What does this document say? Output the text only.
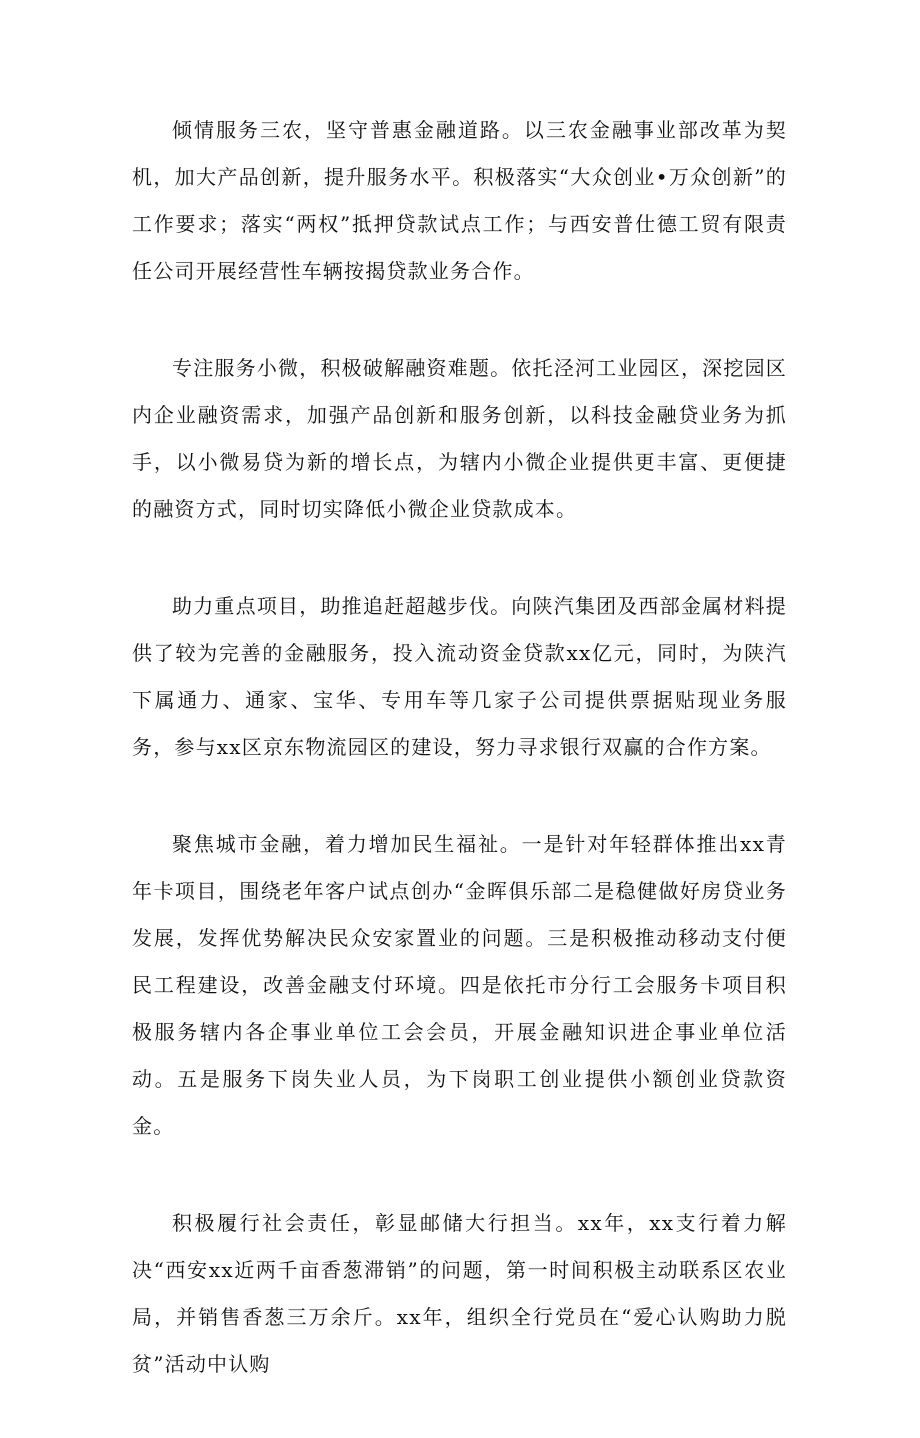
倾情服务三农，坚守普惠金融道路。以三农金融事业部改革为契机，加大产品创新，提升服务水平。积极落实“大众创业•万众创新”的工作要求；落实“两权”抵押贷款试点工作；与西安普仕德工贸有限责任公司开展经营性车辆按揭贷款业务合作。

专注服务小微，积极破解融资难题。依托泾河工业园区，深挖园区内企业融资需求，加强产品创新和服务创新，以科技金融贷业务为抓手，以小微易贷为新的增长点，为辖内小微企业提供更丰富、更便捷的融资方式，同时切实降低小微企业贷款成本。

助力重点项目，助推追赶超越步伐。向陕汽集团及西部金属材料提供了较为完善的金融服务，投入流动资金贷款xx亿元，同时，为陕汽下属通力、通家、宝华、专用车等几家子公司提供票据贴现业务服务，参与xx区京东物流园区的建设，努力寻求银行双赢的合作方案。

聚焦城市金融，着力增加民生福祉。一是针对年轻群体推出xx青年卡项目，围绕老年客户试点创办“金晖俱乐部二是稳健做好房贷业务发展，发挥优势解决民众安家置业的问题。三是积极推动移动支付便民工程建设，改善金融支付环境。四是依托市分行工会服务卡项目积极服务辖内各企事业单位工会会员，开展金融知识进企事业单位活动。五是服务下岗失业人员，为下岗职工创业提供小额创业贷款资金。

积极履行社会责任，彰显邮储大行担当。xx年，xx支行着力解决“西安xx近两千亩香葱滞销”的问题，第一时间积极主动联系区农业局，并销售香葱三万余斤。xx年，组织全行党员在“爱心认购助力脱贫”活动中认购
